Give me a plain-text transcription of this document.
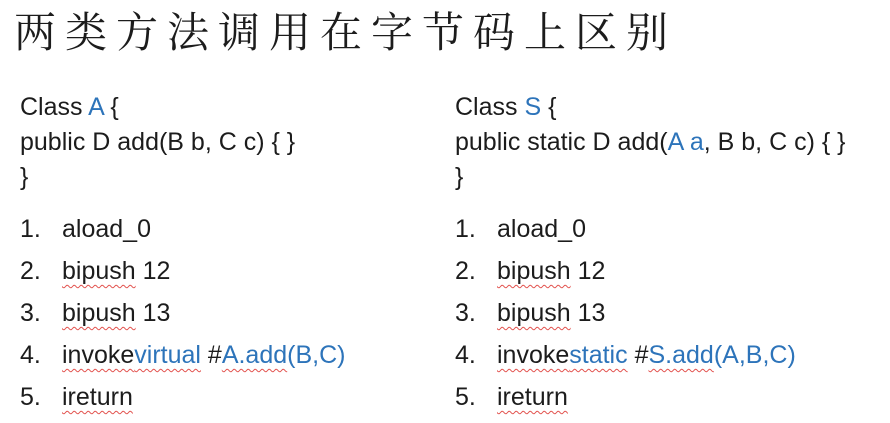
两类方法调用在字节码上区别
Class A {
public D add(B b, C c) { }
}
1. aload_0
2. bipush 12
3. bipush 13
4. invokevirtual #A.add(B,C)
5. ireturn
Class S {
public static D add(A a, B b, C c) { }
}
1. aload_0
2. bipush 12
3. bipush 13
4. invokestatic #S.add(A,B,C)
5. ireturn
